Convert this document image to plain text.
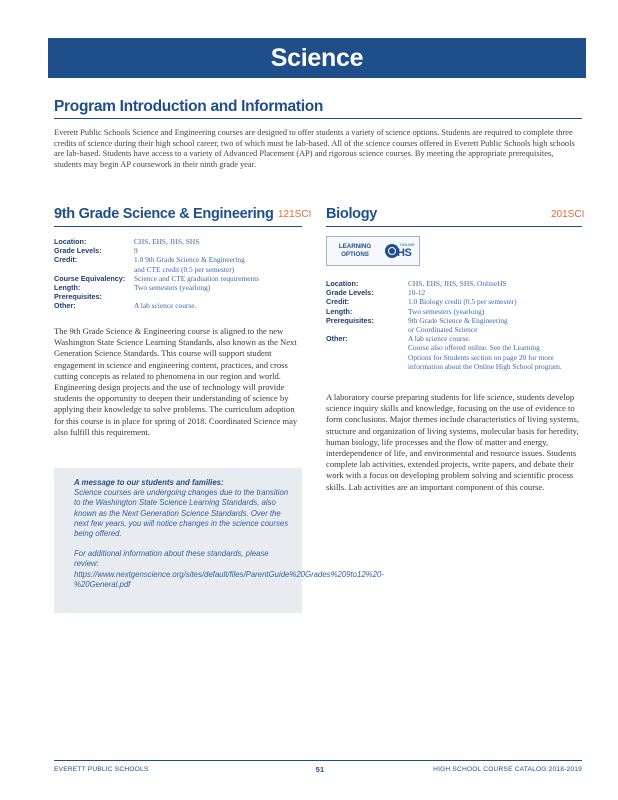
Science
Program Introduction and Information
Everett Public Schools Science and Engineering courses are designed to offer students a variety of science options. Students are required to complete three credits of science during their high school career, two of which must be lab-based. All of the science courses offered in Everett Public Schools high schools are lab-based. Students have access to a variety of Advanced Placement (AP) and rigorous science courses. By meeting the appropriate prerequisites, students may begin AP coursework in their ninth grade year.
9th Grade Science & Engineering 121SCI
Location:	CHS, EHS, JHS, SHS
Grade Levels:	9
Credit:	1.0 9th Grade Science & Engineering
and CTE credit (0.5 per semester)
Course Equivalency:	Science and CTE graduation requirements
Length:	Two semesters (yearlong)
Prerequisites:
Other:	A lab science course.
The 9th Grade Science & Engineering course is aligned to the new Washington State Science Learning Standards, also known as the Next Generation Science Standards. This course will support student engagement in science and engineering content, practices, and cross cutting concepts as related to phenomena in our region and world. Engineering design projects and the use of technology will provide students the opportunity to deepen their understanding of science by applying their knowledge to solve problems. The curriculum adoption for this course is in place for spring of 2018. Coordinated Science may also fulfill this requirement.

A message to our students and families:
Science courses are undergoing changes due to the transition to the Washington State Science Learning Standards, also known as the Next Generation Science Standards. Over the next few years, you will notice changes in the science courses being offered.

For additional information about these standards, please review: https://www.nextgenscience.org/sites/default/files/ParentGuide%20Grades%209to12%20-%20General.pdf

Biology	201SCI
LEARNING
OPTIONS
ONLINE
HS
Location:	CHS, EHS, JHS, SHS, OnlineHS
Grade Levels:	10-12
Credit:	1.0 Biology credit (0.5 per semester)
Length:	Two semesters (yearlong)
Prerequisites:	9th Grade Science & Engineering
or Coordinated Science
Other:	A lab science course.
Course also offered online. See the Learning
Options for Students section on page 20 for more
information about the Online High School program.
A laboratory course preparing students for life science, students develop science inquiry skills and knowledge, focusing on the use of evidence to form conclusions. Major themes include characteristics of living systems, structure and organization of living systems, molecular basis for heredity, human biology, life processes and the flow of matter and energy, interdependence of life, and environmental and resource issues. Students complete lab activities, extended projects, write papers, and debate their work with a focus on developing problem solving and scientific process skills. Lab activities are an important component of this course.
EVERETT PUBLIC SCHOOLS	51	HIGH SCHOOL COURSE CATALOG 2018-2019
